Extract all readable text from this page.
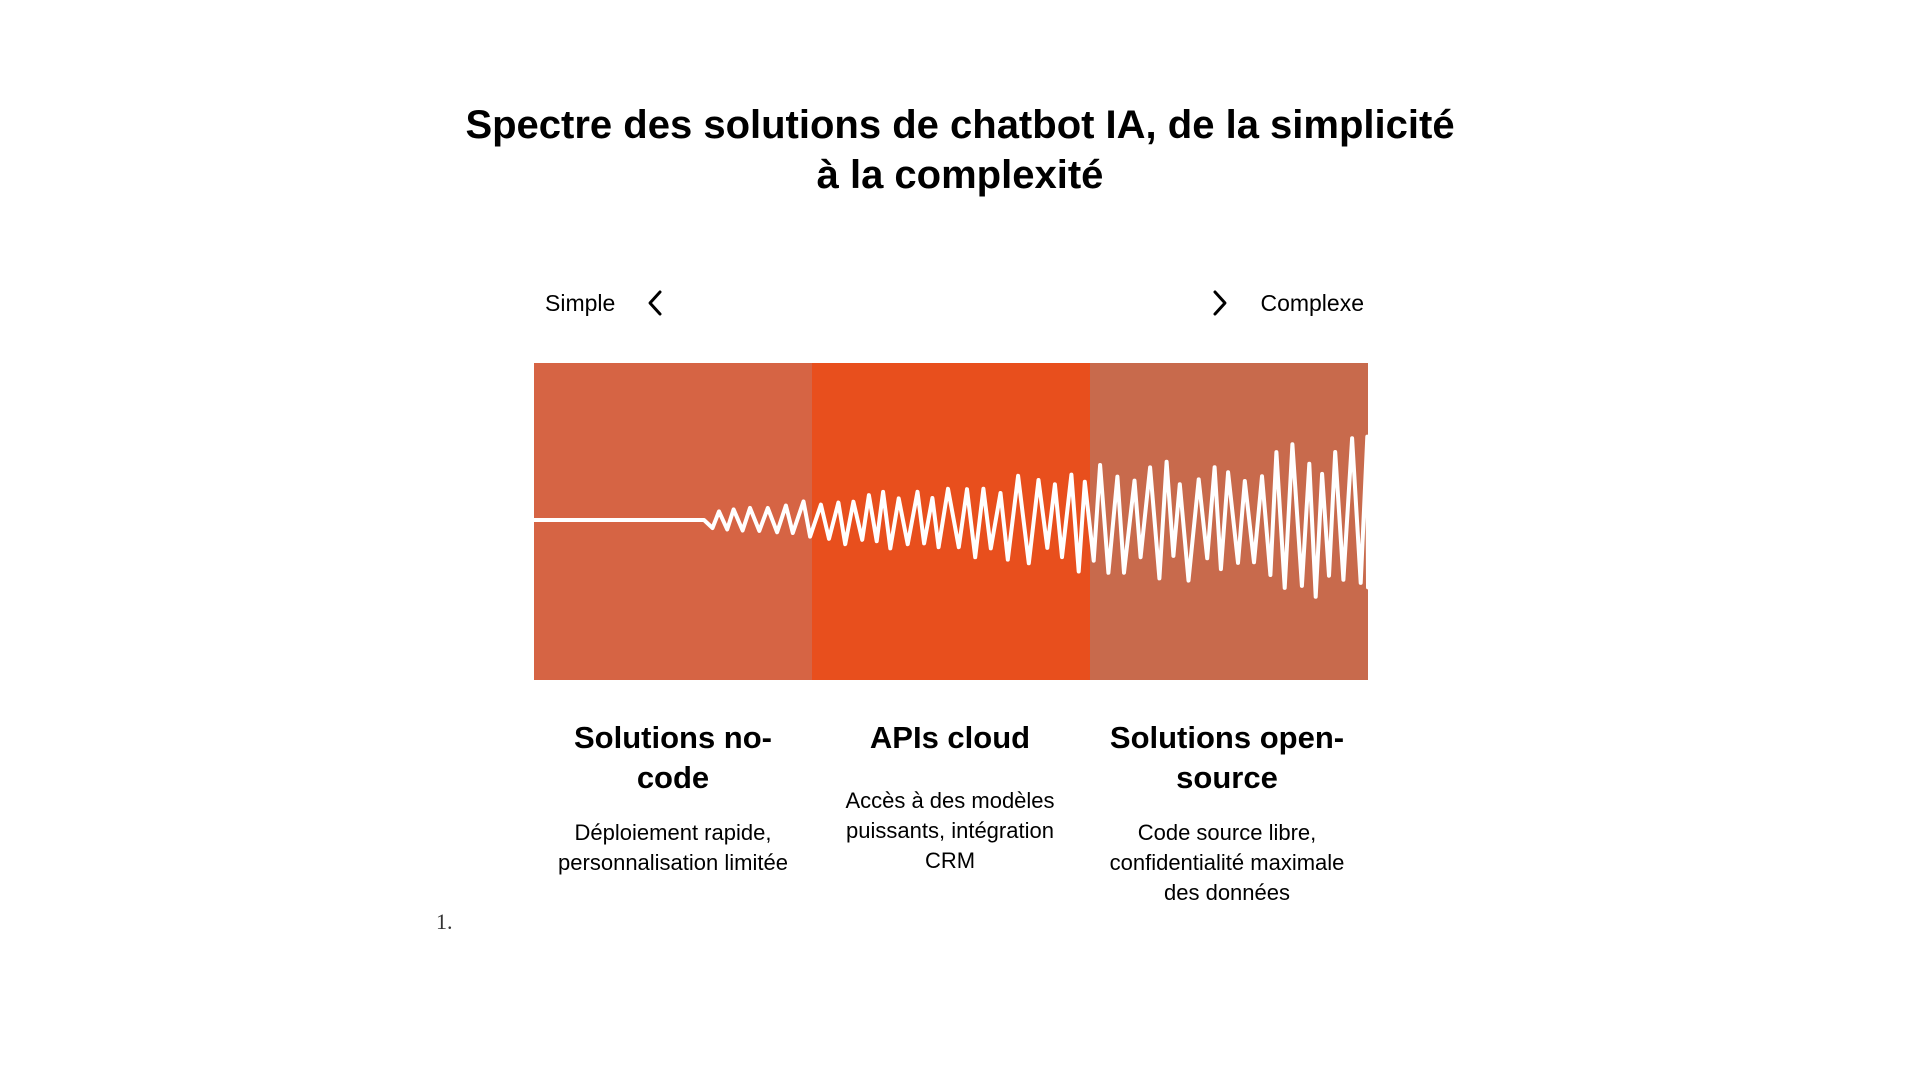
Spectre des solutions de chatbot IA, de la simplicité à la complexité
Simple	Complexe
Solutions no-code

Déploiement rapide, personnalisation limitée

APIs cloud

Accès à des modèles puissants, intégration CRM

Solutions open-source

Code source libre, confidentialité maximale des données

1.
